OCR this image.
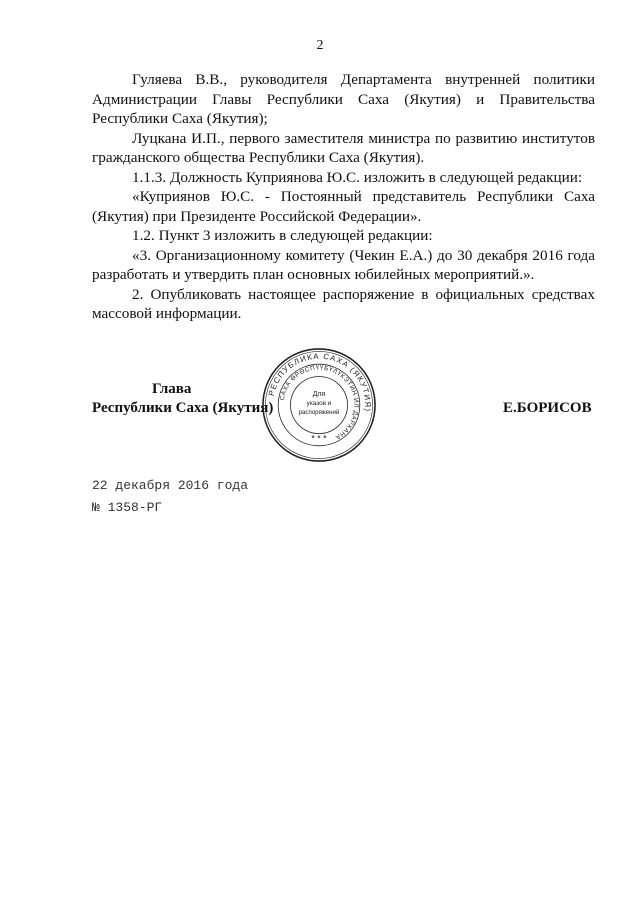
2

Гуляева В.В., руководителя Департамента внутренней политики Администрации Главы Республики Саха (Якутия) и Правительства Республики Саха (Якутия);

Луцкана И.П., первого заместителя министра по развитию институтов гражданского общества Республики Саха (Якутия).

1.1.3. Должность Куприянова Ю.С. изложить в следующей редакции:

«Куприянов Ю.С. - Постоянный представитель Республики Саха (Якутия) при Президенте Российской Федерации».

1.2. Пункт 3 изложить в следующей редакции:

«3. Организационному комитету (Чекин Е.А.) до 30 декабря 2016 года разработать и утвердить план основных юбилейных мероприятий.».

2. Опубликовать настоящее распоряжение в официальных средствах массовой информации.

Глава
Республики Саха (Якутия)
РЕСПУБЛИКА САХА (ЯКУТИЯ)
САХА ӨРӨСПҮҮБҮЛҮКЭТИН ИЛ ДАРХАНА
Для
указов и
распоряжений
* * *
Е.БОРИСОВ
22 декабря 2016 года
№ 1358-РГ
